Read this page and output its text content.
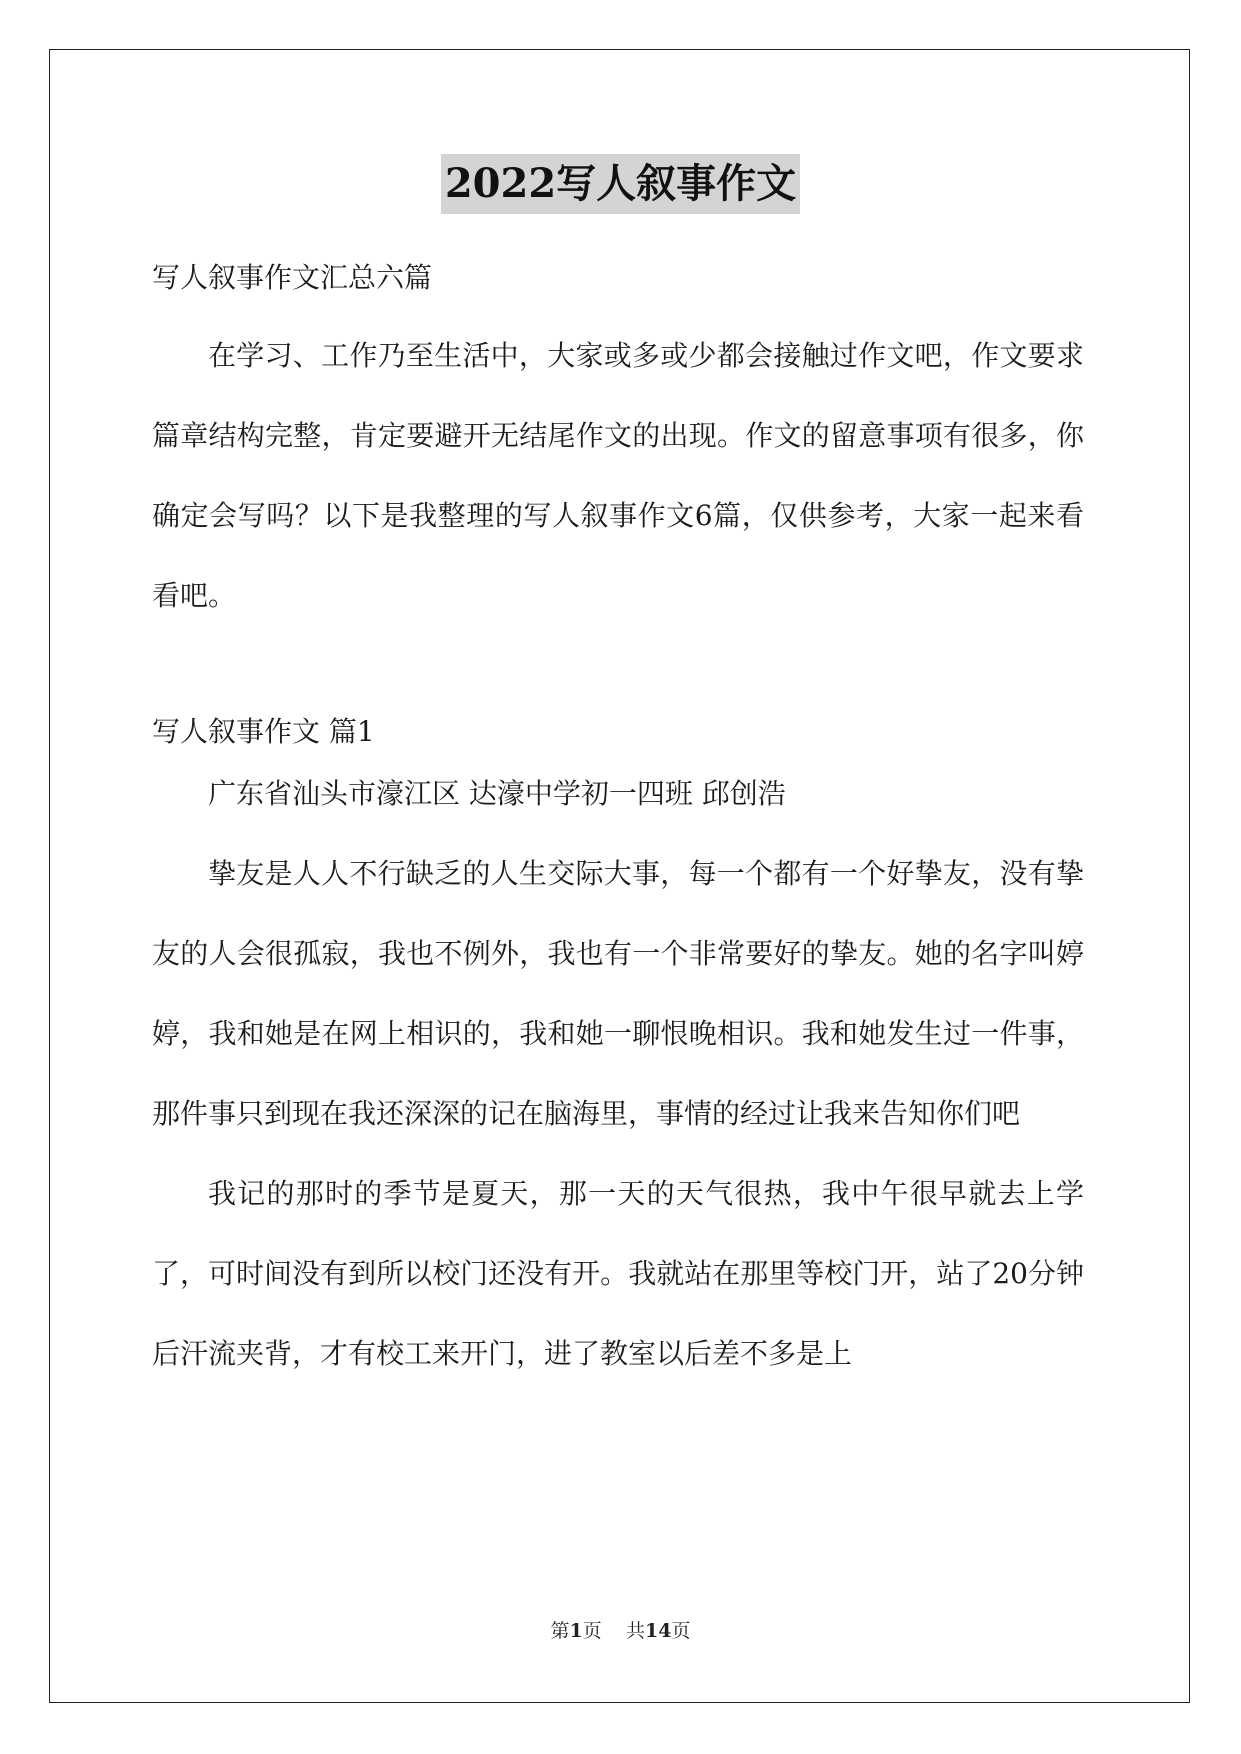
2022写人叙事作文

写人叙事作文汇总六篇

在学习、工作乃至生活中，大家或多或少都会接触过作文吧，作文要求篇章结构完整，肯定要避开无结尾作文的出现。作文的留意事项有很多，你确定会写吗？以下是我整理的写人叙事作文6篇，仅供参考，大家一起来看看吧。

写人叙事作文 篇1

广东省汕头市濠江区 达濠中学初一四班 邱创浩

挚友是人人不行缺乏的人生交际大事，每一个都有一个好挚友，没有挚友的人会很孤寂，我也不例外，我也有一个非常要好的挚友。她的名字叫婷婷，我和她是在网上相识的，我和她一聊恨晚相识。我和她发生过一件事，那件事只到现在我还深深的记在脑海里，事情的经过让我来告知你们吧

我记的那时的季节是夏天，那一天的天气很热，我中午很早就去上学了，可时间没有到所以校门还没有开。我就站在那里等校门开，站了20分钟后汗流夹背，才有校工来开门，进了教室以后差不多是上

第1页 共14页
